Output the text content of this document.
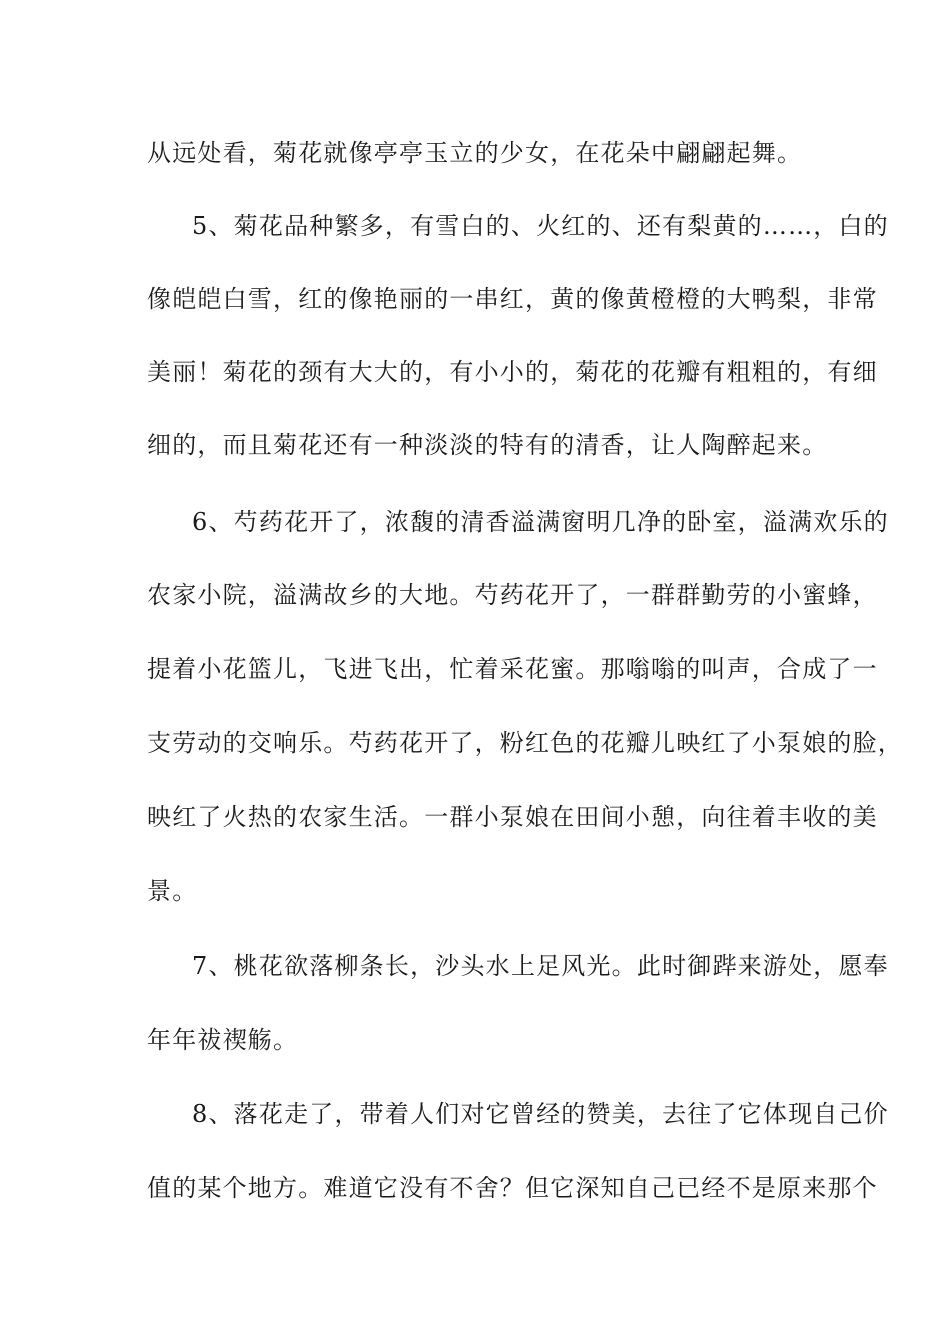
从远处看，菊花就像亭亭玉立的少女，在花朵中翩翩起舞。
5、菊花品种繁多，有雪白的、火红的、还有梨黄的……，白的
像皑皑白雪，红的像艳丽的一串红，黄的像黄橙橙的大鸭梨，非常
美丽！菊花的颈有大大的，有小小的，菊花的花瓣有粗粗的，有细
细的，而且菊花还有一种淡淡的特有的清香，让人陶醉起来。
6、芍药花开了，浓馥的清香溢满窗明几净的卧室，溢满欢乐的
农家小院，溢满故乡的大地。芍药花开了，一群群勤劳的小蜜蜂，
提着小花篮儿，飞进飞出，忙着采花蜜。那嗡嗡的叫声，合成了一
支劳动的交响乐。芍药花开了，粉红色的花瓣儿映红了小泵娘的脸，
映红了火热的农家生活。一群小泵娘在田间小憩，向往着丰收的美
景。
7、桃花欲落柳条长，沙头水上足风光。此时御跸来游处，愿奉
年年祓禊觞。
8、落花走了，带着人们对它曾经的赞美，去往了它体现自己价
值的某个地方。难道它没有不舍？但它深知自己已经不是原来那个
